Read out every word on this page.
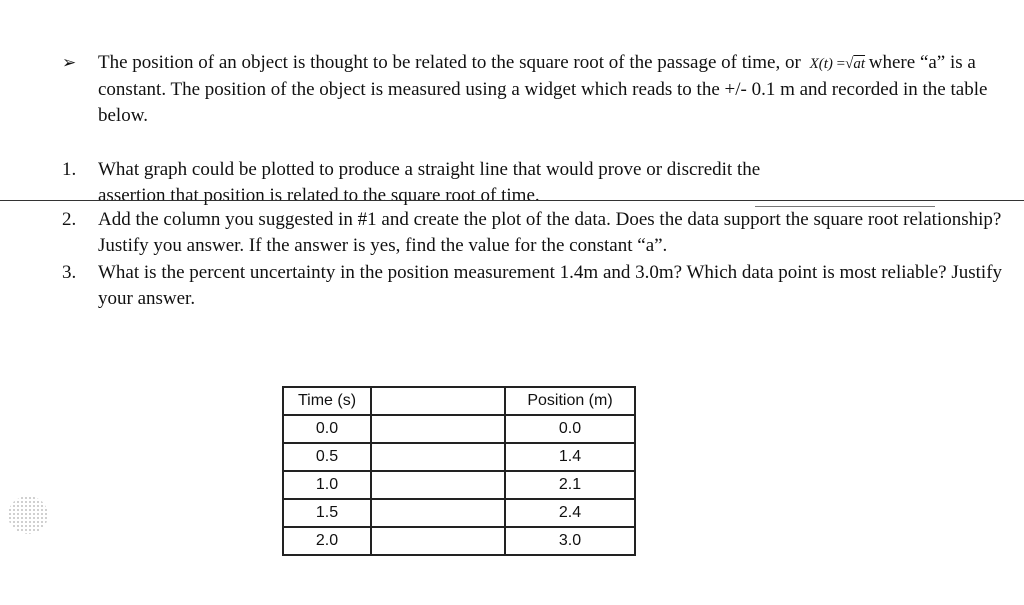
➢ The position of an object is thought to be related to the square root of the passage of time, or X(t) =√at where “a” is a constant. The position of the object is measured using a widget which reads to the +/- 0.1 m and recorded in the table below.
1. What graph could be plotted to produce a straight line that would prove or discredit the assertion that position is related to the square root of time.
2. Add the column you suggested in #1 and create the plot of the data. Does the data support the square root relationship? Justify you answer. If the answer is yes, find the value for the constant “a”.
3. What is the percent uncertainty in the position measurement 1.4m and 3.0m? Which data point is most reliable? Justify your answer.
Time (s)		Position (m)
0.0		0.0
0.5		1.4
1.0		2.1
1.5		2.4
2.0		3.0
